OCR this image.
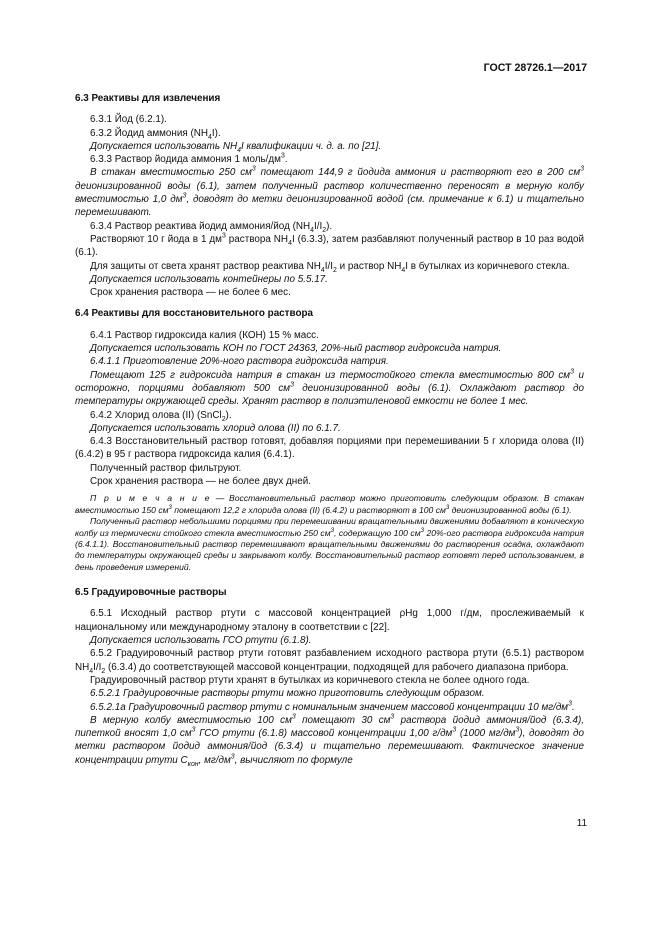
ГОСТ 28726.1—2017
6.3 Реактивы для извлечения

6.3.1 Йод (6.2.1).

6.3.2 Йодид аммония $(NH_4I)$.

Допускается использовать $NH_4I$ квалификации ч. д. а. по [21].

6.3.3 Раствор йодида аммония 1 моль/$дм^3$.

В стакан вместимостью 250 $см^3$ помещают 144,9 г йодида аммония и растворяют его в 200 $см^3$ деионизированной воды (6.1), затем полученный раствор количественно переносят в мерную колбу вместимостью 1,0 $дм^3$, доводят до метки деионизированной водой (см. примечание к 6.1) и тщательно перемешивают.

6.3.4 Раствор реактива йодид аммония/йод $(NH_4I/I_2)$.

Растворяют 10 г йода в 1 $дм^3$ раствора $NH_4I$ (6.3.3), затем разбавляют полученный раствор в 10 раз водой (6.1).

Для защиты от света хранят раствор реактива $NH_4I/I_2$ и раствор $NH_4I$ в бутылках из коричневого стекла.

Допускается использовать контейнеры по 5.5.17.

Срок хранения раствора — не более 6 мес.

6.4 Реактивы для восстановительного раствора

6.4.1 Раствор гидроксида калия (КОН) 15 % масс.

Допускается использовать КОН по ГОСТ 24363, 20%-ный раствор гидроксида натрия.

6.4.1.1 Приготовление 20%-ного раствора гидроксида натрия.

Помещают 125 г гидроксида натрия в стакан из термостойкого стекла вместимостью 800 $см^3$ и осторожно, порциями добавляют 500 $см^3$ деионизированной воды (6.1). Охлаждают раствор до температуры окружающей среды. Хранят раствор в полиэтиленовой емкости не более 1 мес.

6.4.2 Хлорид олова (II) (SnCl$_2$).

Допускается использовать хлорид олова (II) по 6.1.7.

6.4.3 Восстановительный раствор готовят, добавляя порциями при перемешивании 5 г хлорида олова (II) (6.4.2) в 95 г раствора гидроксида калия (6.4.1).

Полученный раствор фильтруют.

Срок хранения раствора — не более двух дней.

П р и м е ч а н и е — Восстановительный раствор можно приготовить следующим образом. В стакан вместимостью 150 $см^3$ помещают 12,2 г хлорида олова (II) (6.4.2) и растворяют в 100 $см^3$ деионизированной воды (6.1).

Полученный раствор небольшими порциями при перемешивании вращательными движениями добавляют в коническую колбу из термически стойкого стекла вместимостью 250 $см^3$, содержащую 100 $см^3$ 20%-ого раствора гидроксида натрия (6.4.1.1). Восстановительный раствор перемешивают вращательными движениями до растворения осадка, охлаждают до температуры окружающей среды и закрывают колбу. Восстановительный раствор готовят перед использованием, в день проведения измерений.

6.5 Градуировочные растворы

6.5.1 Исходный раствор ртути с массовой концентрацией ρHg 1,000 г/дм, прослеживаемый к национальному или международному эталону в соответствии с [22].

Допускается использовать ГСО ртути (6.1.8).

6.5.2 Градуировочный раствор ртути готовят разбавлением исходного раствора ртути (6.5.1) раствором $NH_4I/I_2$ (6.3.4) до соответствующей массовой концентрации, подходящей для рабочего диапазона прибора.

Градуировочный раствор ртути хранят в бутылках из коричневого стекла не более одного года.

6.5.2.1 Градуировочные растворы ртути можно приготовить следующим образом.

6.5.2.1а Градуировочный раствор ртути с номинальным значением массовой концентрации 10 $мг/дм^3$.

В мерную колбу вместимостью 100 $см^3$ помещают 30 $см^3$ раствора йодид аммония/йод (6.3.4), пипеткой вносят 1,0 $см^3$ ГСО ртути (6.1.8) массовой концентрации 1,00 $г/дм^3$ (1000 $мг/дм^3$), доводят до метки раствором йодид аммония/йод (6.3.4) и тщательно перемешивают. Фактическое значение концентрации ртути $С_{кон}$, $мг/дм^3$, вычисляют по формуле

11
